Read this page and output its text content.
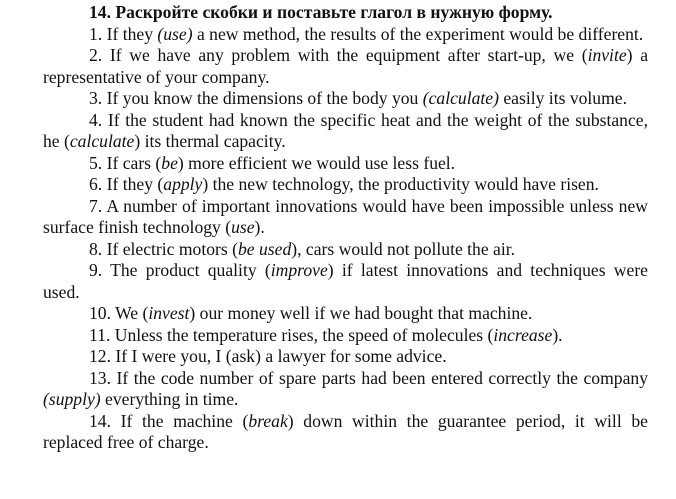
14. Раскройте скобки и поставьте глагол в нужную форму.

1. If they (use) a new method, the results of the experiment would be different.

2. If we have any problem with the equipment after start-up, we (invite) a representative of your company.

3. If you know the dimensions of the body you (calculate) easily its volume.

4. If the student had known the specific heat and the weight of the substance, he (calculate) its thermal capacity.

5. If cars (be) more efficient we would use less fuel.

6. If they (apply) the new technology, the productivity would have risen.

7. A number of important innovations would have been impossible unless new surface finish technology (use).

8. If electric motors (be used), cars would not pollute the air.

9. The product quality (improve) if latest innovations and techniques were used.

10. We (invest) our money well if we had bought that machine.

11. Unless the temperature rises, the speed of molecules (increase).

12. If I were you, I (ask) a lawyer for some advice.

13. If the code number of spare parts had been entered correctly the company (supply) everything in time.

14. If the machine (break) down within the guarantee period, it will be replaced free of charge.
